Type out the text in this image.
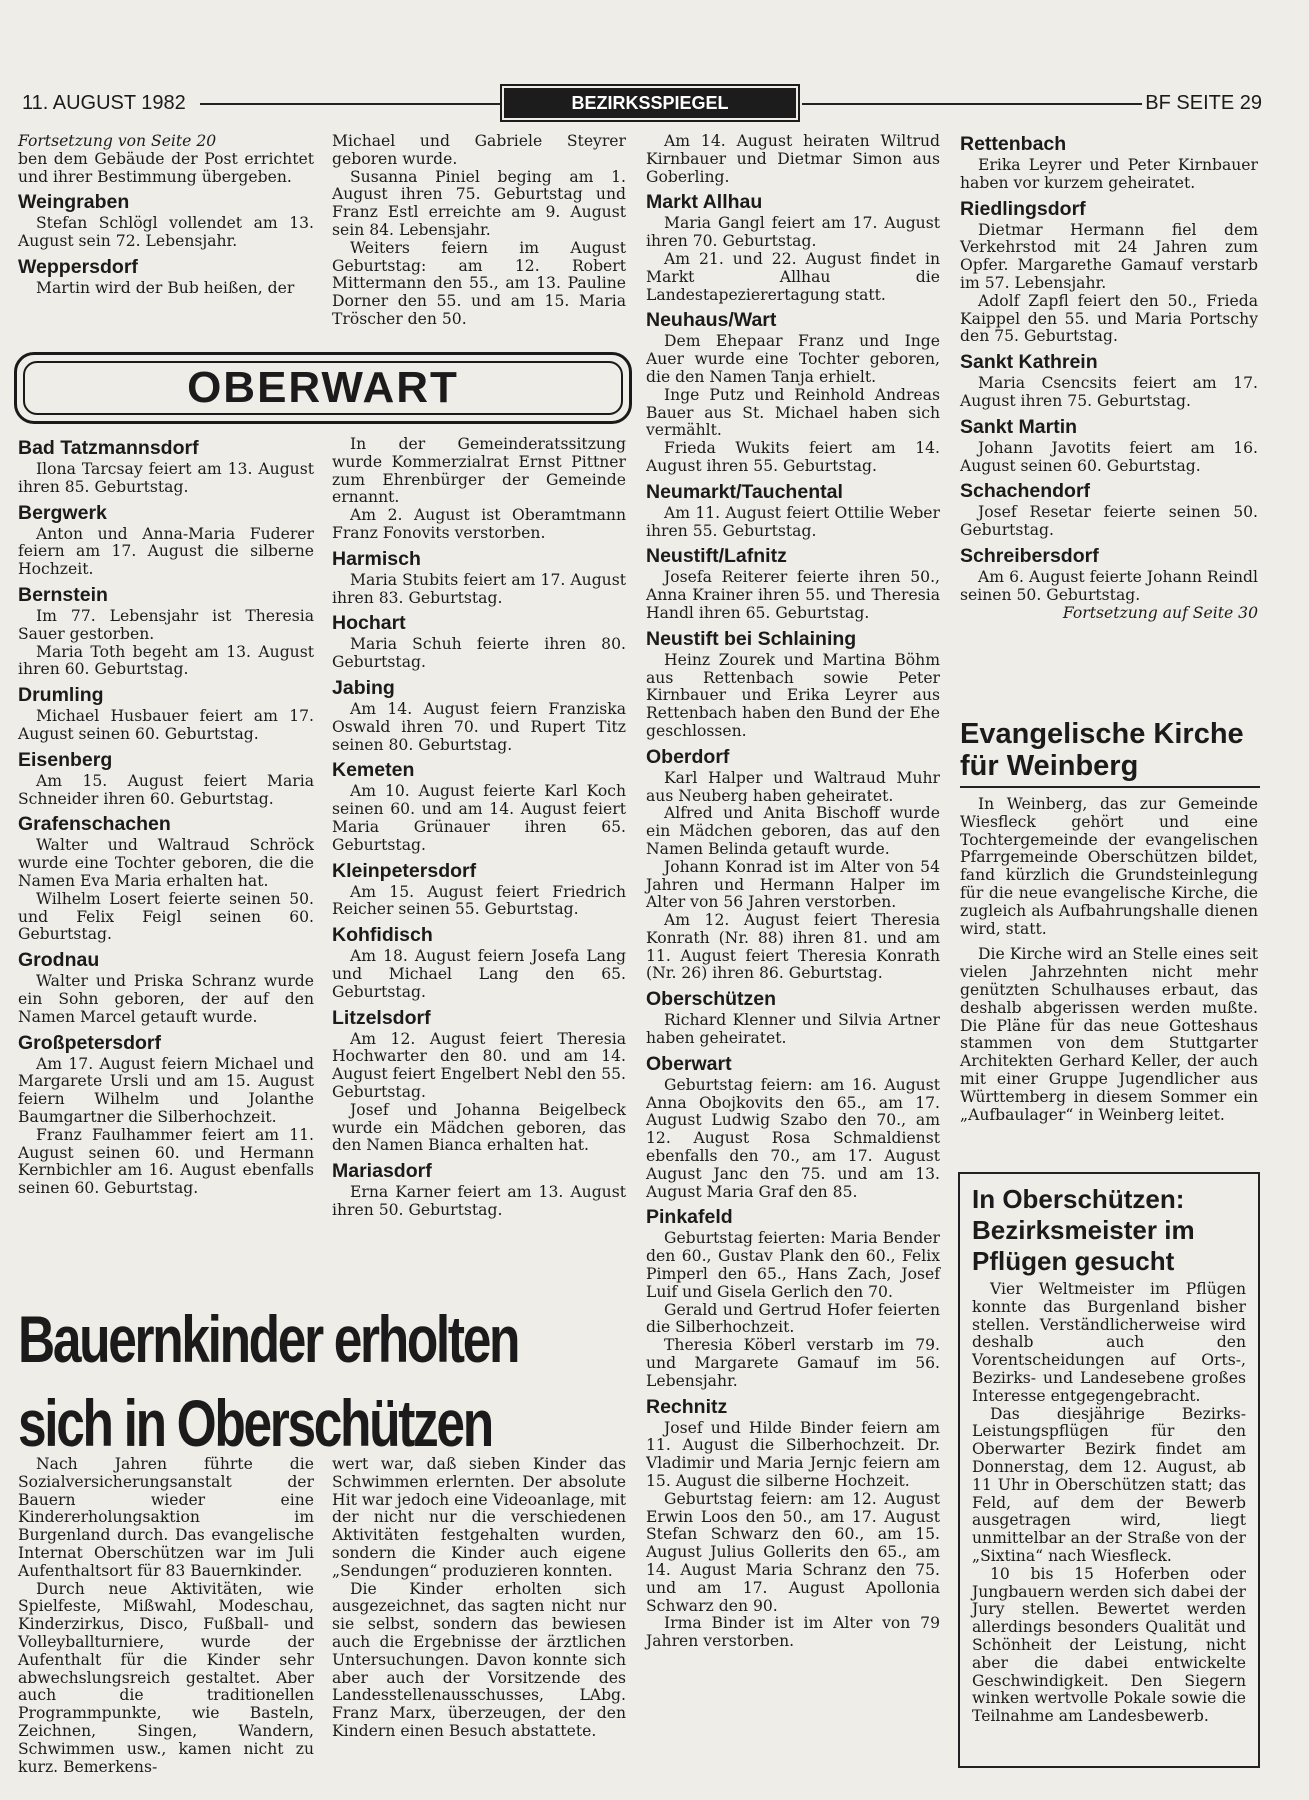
11. AUGUST 1982	BEZIRKSSPIEGEL	BF SEITE 29

Fortsetzung von Seite 20

ben dem Gebäude der Post errichtet und ihrer Bestimmung übergeben.

Weingraben

Stefan Schlögl vollendet am 13. August sein 72. Lebensjahr.

Weppersdorf

Martin wird der Bub heißen, der

Michael und Gabriele Steyrer geboren wurde.

Susanna Piniel beging am 1. August ihren 75. Geburtstag und Franz Estl erreichte am 9. August sein 84. Lebensjahr.

Weiters feiern im August Geburtstag: am 12. Robert Mittermann den 55., am 13. Pauline Dorner den 55. und am 15. Maria Tröscher den 50.

OBERWART
Bad Tatzmannsdorf

Ilona Tarcsay feiert am 13. August ihren 85. Geburtstag.

Bergwerk

Anton und Anna-Maria Fuderer feiern am 17. August die silberne Hochzeit.

Bernstein

Im 77. Lebensjahr ist Theresia Sauer gestorben.

Maria Toth begeht am 13. August ihren 60. Geburtstag.

Drumling

Michael Husbauer feiert am 17. August seinen 60. Geburtstag.

Eisenberg

Am 15. August feiert Maria Schneider ihren 60. Geburtstag.

Grafenschachen

Walter und Waltraud Schröck wurde eine Tochter geboren, die die Namen Eva Maria erhalten hat.

Wilhelm Losert feierte seinen 50. und Felix Feigl seinen 60. Geburtstag.

Grodnau

Walter und Priska Schranz wurde ein Sohn geboren, der auf den Namen Marcel getauft wurde.

Großpetersdorf

Am 17. August feiern Michael und Margarete Ursli und am 15. August feiern Wilhelm und Jolanthe Baumgartner die Silberhochzeit.

Franz Faulhammer feiert am 11. August seinen 60. und Hermann Kernbichler am 16. August ebenfalls seinen 60. Geburtstag.

In der Gemeinderatssitzung wurde Kommerzialrat Ernst Pittner zum Ehrenbürger der Gemeinde ernannt.

Am 2. August ist Oberamtmann Franz Fonovits verstorben.

Harmisch

Maria Stubits feiert am 17. August ihren 83. Geburtstag.

Hochart

Maria Schuh feierte ihren 80. Geburtstag.

Jabing

Am 14. August feiern Franziska Oswald ihren 70. und Rupert Titz seinen 80. Geburtstag.

Kemeten

Am 10. August feierte Karl Koch seinen 60. und am 14. August feiert Maria Grünauer ihren 65. Geburtstag.

Kleinpetersdorf

Am 15. August feiert Friedrich Reicher seinen 55. Geburtstag.

Kohfidisch

Am 18. August feiern Josefa Lang und Michael Lang den 65. Geburtstag.

Litzelsdorf

Am 12. August feiert Theresia Hochwarter den 80. und am 14. August feiert Engelbert Nebl den 55. Geburtstag.

Josef und Johanna Beigelbeck wurde ein Mädchen geboren, das den Namen Bianca erhalten hat.

Mariasdorf

Erna Karner feiert am 13. August ihren 50. Geburtstag.

Bauernkinder erholten
sich in Oberschützen

Nach Jahren führte die Sozialversicherungsanstalt der Bauern wieder eine Kindererholungsaktion im Burgenland durch. Das evangelische Internat Oberschützen war im Juli Aufenthaltsort für 83 Bauernkinder.

Durch neue Aktivitäten, wie Spielfeste, Mißwahl, Modeschau, Kinderzirkus, Disco, Fußball- und Volleyballturniere, wurde der Aufenthalt für die Kinder sehr abwechslungsreich gestaltet. Aber auch die traditionellen Programmpunkte, wie Basteln, Zeichnen, Singen, Wandern, Schwimmen usw., kamen nicht zu kurz. Bemerkens-

wert war, daß sieben Kinder das Schwimmen erlernten. Der absolute Hit war jedoch eine Videoanlage, mit der nicht nur die verschiedenen Aktivitäten festgehalten wurden, sondern die Kinder auch eigene „Sendungen“ produzieren konnten.

Die Kinder erholten sich ausgezeichnet, das sagten nicht nur sie selbst, sondern das bewiesen auch die Ergebnisse der ärztlichen Untersuchungen. Davon konnte sich aber auch der Vorsitzende des Landesstellenausschusses, LAbg. Franz Marx, überzeugen, der den Kindern einen Besuch abstattete.

Am 14. August heiraten Wiltrud Kirnbauer und Dietmar Simon aus Goberling.

Markt Allhau

Maria Gangl feiert am 17. August ihren 70. Geburtstag.

Am 21. und 22. August findet in Markt Allhau die Landestapezierertagung statt.

Neuhaus/Wart

Dem Ehepaar Franz und Inge Auer wurde eine Tochter geboren, die den Namen Tanja erhielt.

Inge Putz und Reinhold Andreas Bauer aus St. Michael haben sich vermählt.

Frieda Wukits feiert am 14. August ihren 55. Geburtstag.

Neumarkt/Tauchental

Am 11. August feiert Ottilie Weber ihren 55. Geburtstag.

Neustift/Lafnitz

Josefa Reiterer feierte ihren 50., Anna Krainer ihren 55. und Theresia Handl ihren 65. Geburtstag.

Neustift bei Schlaining

Heinz Zourek und Martina Böhm aus Rettenbach sowie Peter Kirnbauer und Erika Leyrer aus Rettenbach haben den Bund der Ehe geschlossen.

Oberdorf

Karl Halper und Waltraud Muhr aus Neuberg haben geheiratet.

Alfred und Anita Bischoff wurde ein Mädchen geboren, das auf den Namen Belinda getauft wurde.

Johann Konrad ist im Alter von 54 Jahren und Hermann Halper im Alter von 56 Jahren verstorben.

Am 12. August feiert Theresia Konrath (Nr. 88) ihren 81. und am 11. August feiert Theresia Konrath (Nr. 26) ihren 86. Geburtstag.

Oberschützen

Richard Klenner und Silvia Artner haben geheiratet.

Oberwart

Geburtstag feiern: am 16. August Anna Obojkovits den 65., am 17. August Ludwig Szabo den 70., am 12. August Rosa Schmaldienst ebenfalls den 70., am 17. August August Janc den 75. und am 13. August Maria Graf den 85.

Pinkafeld

Geburtstag feierten: Maria Bender den 60., Gustav Plank den 60., Felix Pimperl den 65., Hans Zach, Josef Luif und Gisela Gerlich den 70.

Gerald und Gertrud Hofer feierten die Silberhochzeit.

Theresia Köberl verstarb im 79. und Margarete Gamauf im 56. Lebensjahr.

Rechnitz

Josef und Hilde Binder feiern am 11. August die Silberhochzeit. Dr. Vladimir und Maria Jernjc feiern am 15. August die silberne Hochzeit.

Geburtstag feiern: am 12. August Erwin Loos den 50., am 17. August Stefan Schwarz den 60., am 15. August Julius Gollerits den 65., am 14. August Maria Schranz den 75. und am 17. August Apollonia Schwarz den 90.

Irma Binder ist im Alter von 79 Jahren verstorben.

Rettenbach

Erika Leyrer und Peter Kirnbauer haben vor kurzem geheiratet.

Riedlingsdorf

Dietmar Hermann fiel dem Verkehrstod mit 24 Jahren zum Opfer. Margarethe Gamauf verstarb im 57. Lebensjahr.

Adolf Zapfl feiert den 50., Frieda Kaippel den 55. und Maria Portschy den 75. Geburtstag.

Sankt Kathrein

Maria Csencsits feiert am 17. August ihren 75. Geburtstag.

Sankt Martin

Johann Javotits feiert am 16. August seinen 60. Geburtstag.

Schachendorf

Josef Resetar feierte seinen 50. Geburtstag.

Schreibersdorf

Am 6. August feierte Johann Reindl seinen 50. Geburtstag.

Fortsetzung auf Seite 30

Evangelische Kirche für Weinberg

In Weinberg, das zur Gemeinde Wiesfleck gehört und eine Tochtergemeinde der evangelischen Pfarrgemeinde Oberschützen bildet, fand kürzlich die Grundsteinlegung für die neue evangelische Kirche, die zugleich als Aufbahrungshalle dienen wird, statt.

Die Kirche wird an Stelle eines seit vielen Jahrzehnten nicht mehr genützten Schulhauses erbaut, das deshalb abgerissen werden mußte. Die Pläne für das neue Gotteshaus stammen von dem Stuttgarter Architekten Gerhard Keller, der auch mit einer Gruppe Jugendlicher aus Württemberg in diesem Sommer ein „Aufbaulager“ in Weinberg leitet.

In Oberschützen: Bezirksmeister im Pflügen gesucht

Vier Weltmeister im Pflügen konnte das Burgenland bisher stellen. Verständlicherweise wird deshalb auch den Vorentscheidungen auf Orts-, Bezirks- und Landesebene großes Interesse entgegengebracht.

Das diesjährige Bezirks-Leistungspflügen für den Oberwarter Bezirk findet am Donnerstag, dem 12. August, ab 11 Uhr in Oberschützen statt; das Feld, auf dem der Bewerb ausgetragen wird, liegt unmittelbar an der Straße von der „Sixtina“ nach Wiesfleck.

10 bis 15 Hoferben oder Jungbauern werden sich dabei der Jury stellen. Bewertet werden allerdings besonders Qualität und Schönheit der Leistung, nicht aber die dabei entwickelte Geschwindigkeit. Den Siegern winken wertvolle Pokale sowie die Teilnahme am Landesbewerb.
